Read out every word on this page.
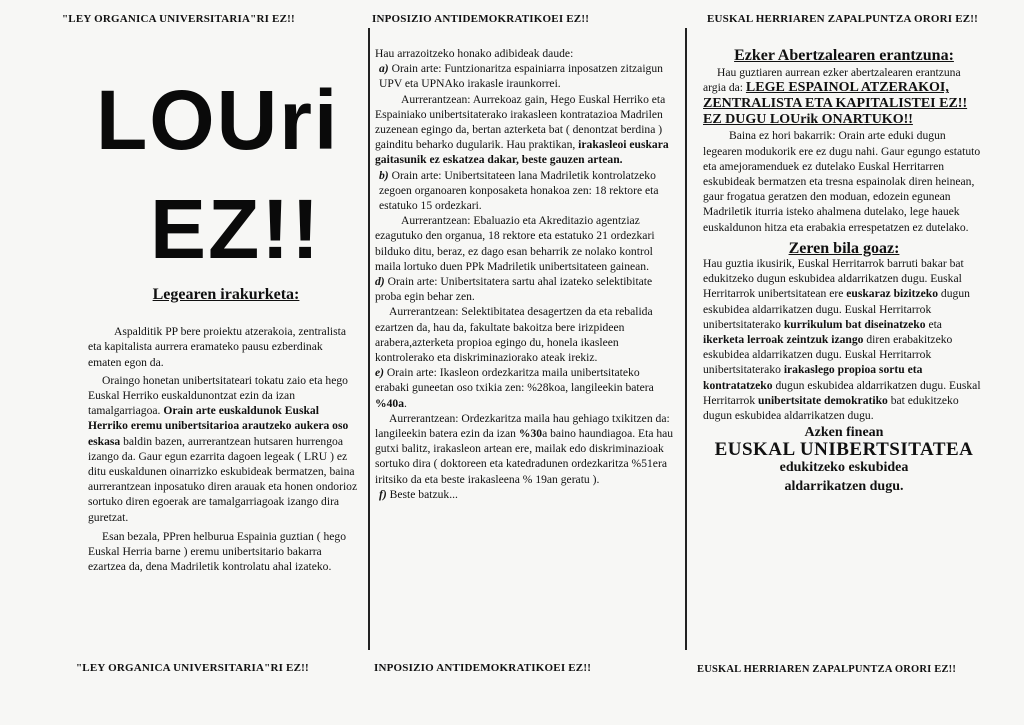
"LEY ORGANICA UNIVERSITARIA"RI EZ!!	INPOSIZIO ANTIDEMOKRATIKOEI EZ!!	EUSKAL HERRIAREN ZAPALPUNTZA ORORI EZ!!
LOUri
EZ!!
Legearen irakurketa:

Aspalditik PP bere proiektu atzerakoia, zentralista eta kapitalista aurrera eramateko pausu ezberdinak ematen egon da.

Oraingo honetan unibertsitateari tokatu zaio eta hego Euskal Herriko euskaldunontzat ezin da izan tamalgarriagoa. Orain arte euskaldunok Euskal Herriko eremu unibertsitarioa arautzeko aukera oso eskasa baldin bazen, aurrerantzean hutsaren hurrengoa izango da. Gaur egun ezarrita dagoen legeak ( LRU ) ez ditu euskaldunen oinarrizko eskubideak bermatzen, baina aurrerantzean inposatuko diren arauak eta honen ondorioz sortuko diren egoerak are tamalgarriagoak izango dira guretzat.

Esan bezala, PPren helburua Espainia guztian ( hego Euskal Herria barne ) eremu unibertsitario bakarra ezartzea da, dena Madriletik kontrolatu ahal izateko.

Hau arrazoitzeko honako adibideak daude:

a) Orain arte: Funtzionaritza espainiarra inposatzen zitzaigun UPV eta UPNAko irakasle iraunkorrei.

Aurrerantzean: Aurrekoaz gain, Hego Euskal Herriko eta Espainiako unibertsitaterako irakasleen kontratazioa Madrilen zuzenean egingo da, bertan azterketa bat ( denontzat berdina ) gainditu beharko dugularik. Hau praktikan, irakasleoi euskara gaitasunik ez eskatzea dakar, beste gauzen artean.

b) Orain arte: Unibertsitateen lana Madriletik kontrolatzeko zegoen organoaren konposaketa honakoa zen: 18 rektore eta estatuko 15 ordezkari.

Aurrerantzean: Ebaluazio eta Akreditazio agentziaz ezagutuko den organua, 18 rektore eta estatuko 21 ordezkari bilduko ditu, beraz, ez dago esan beharrik ze nolako kontrol maila lortuko duen PPk Madriletik unibertsitateen gainean.

d) Orain arte: Unibertsitatera sartu ahal izateko selektibitate proba egin behar zen.

Aurrerantzean: Selektibitatea desagertzen da eta rebalida ezartzen da, hau da, fakultate bakoitza bere irizpideen arabera,azterketa propioa egingo du, honela ikasleen kontrolerako eta diskriminaziorako ateak irekiz.

e) Orain arte: Ikasleon ordezkaritza maila unibertsitateko erabaki guneetan oso txikia zen: %28koa, langileekin batera %40a.

Aurrerantzean: Ordezkaritza maila hau gehiago txikitzen da: langileekin batera ezin da izan %30a baino haundiagoa. Eta hau gutxi balitz, irakasleon artean ere, mailak edo diskriminazioak sortuko dira ( doktoreen eta katedradunen ordezkaritza %51era iritsiko da eta beste irakasleena % 19an geratu ).

f) Beste batzuk...

Ezker Abertzalearen erantzuna:

Hau guztiaren aurrean ezker abertzalearen erantzuna argia da: LEGE ESPAINOL ATZERAKOI, ZENTRALISTA ETA KAPITALISTEI EZ!! EZ DUGU LOUrik ONARTUKO!!

Baina ez hori bakarrik: Orain arte eduki dugun legearen modukorik ere ez dugu nahi. Gaur egungo estatuto eta amejoramenduek ez dutelako Euskal Herritarren eskubideak bermatzen eta tresna espainolak diren heinean, gaur frogatua geratzen den moduan, edozein egunean Madriletik iturria isteko ahalmena dutelako, lege hauek euskaldunon hitza eta erabakia errespetatzen ez dutelako.

Zeren bila goaz:

Hau guztia ikusirik, Euskal Herritarrok barruti bakar bat edukitzeko dugun eskubidea aldarrikatzen dugu. Euskal Herritarrok unibertsitatean ere euskaraz bizitzeko dugun eskubidea aldarrikatzen dugu. Euskal Herritarrok unibertsitaterako kurrikulum bat diseinatzeko eta ikerketa lerroak zeintzuk izango diren erabakitzeko eskubidea aldarrikatzen dugu. Euskal Herritarrok unibertsitaterako irakaslego propioa sortu eta kontratatzeko dugun eskubidea aldarrikatzen dugu. Euskal Herritarrok unibertsitate demokratiko bat edukitzeko dugun eskubidea aldarrikatzen dugu.

Azken finean
EUSKAL UNIBERTSITATEA
edukitzeko eskubidea aldarrikatzen dugu.
"LEY ORGANICA UNIVERSITARIA"RI EZ!!	INPOSIZIO ANTIDEMOKRATIKOEI EZ!!	EUSKAL HERRIAREN ZAPALPUNTZA ORORI EZ!!
